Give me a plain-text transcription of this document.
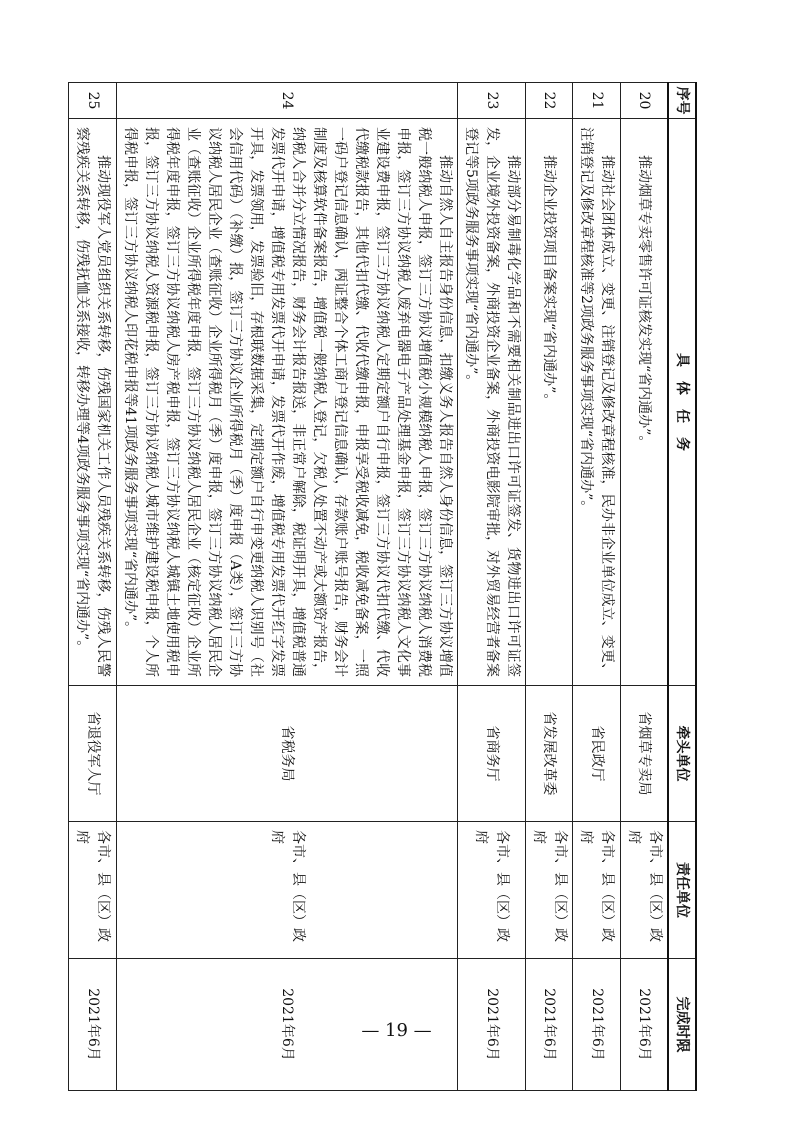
序号	具　体　任　务	牵头单位	责任单位	完成时限
20	推动烟草专卖零售许可证核发实现“省内通办”。	省烟草专卖局	各市、县（区）政府	2021年6月
21	推动社会团体成立、变更、注销登记及修改章程核准，民办非企业单位成立、变更、注销登记及修改章程核准等2项政务服务事项实现“省内通办”。	省民政厅	各市、县（区）政府	2021年6月
22	推动企业投资项目备案实现“省内通办”。	省发展改革委	各市、县（区）政府	2021年6月
23	推动部分易制毒化学品和不需要相关制品进出口许可证签发、货物进出口许可证签发，企业境外投资备案，外商投资企业备案，外商投资电影院审批，对外贸易经营者备案登记等5项政务服务事项实现“省内通办”。	省商务厅	各市、县（区）政府	2021年6月
24	推动自然人自主报告身份信息，扣缴义务人报告自然人身份信息，签订三方协议增值税一般纳税人申报，签订三方协议增值税小规模纳税人申报，签订三方协议纳税人消费税申报，签订三方协议纳税人废弃电器电子产品处理基金申报，签订三方协议纳税人文化事业建设费申报，签订三方协议纳税人定期定额户自行申报，签订三方协议代扣代缴、代收代缴税款报告，其他代扣代缴、代收代缴申报，申报享受税收减免，税收减免备案，一照一码户登记信息确认，两证整合个体工商户登记信息确认，存款账户账号报告，财务会计制度及核算软件备案报告，增值税一般纳税人登记，欠税人处置不动产或大额资产报告，纳税人合并分立情况报告，财务会计报告报送，非正常户解除，税证明开具，增值税普通发票代开申请，增值税专用发票代开申请，发票代开作废，增值税专用发票代开红字发票开具，发票领用，发票验旧，存根联数据采集，定期定额户自行申变更纳税人识别号（社会信用代码）（补缴）报，签订三方协议企业所得税月（季）度申报（A类），签订三方协议纳税人居民企业（查账征收）企业所得税月（季）度申报，签订三方协议纳税人居民企业（查账征收）企业所得税年度申报，签订三方协议纳税人居民企业（核定征收）企业所得税年度申报，签订三方协议纳税人房产税申报，签订三方协议纳税人城镇土地使用税申报，签订三方协议纳税人资源税申报，签订三方协议纳税人城市维护建设税申报，个人所得税申报，签订三方协议纳税人印花税申报等41项政务服务事项实现“省内通办”。	省税务局	各市、县（区）政府	2021年6月
25	推动现役军人党员组织关系转移，伤残国家机关工作人员残疾关系转移，伤残人民警察残疾关系转移，伤残抚恤关系接收，转移办理等4项政务服务事项实现“省内通办”。	省退役军人厅	各市、县（区）政府	2021年6月	— 19 —
